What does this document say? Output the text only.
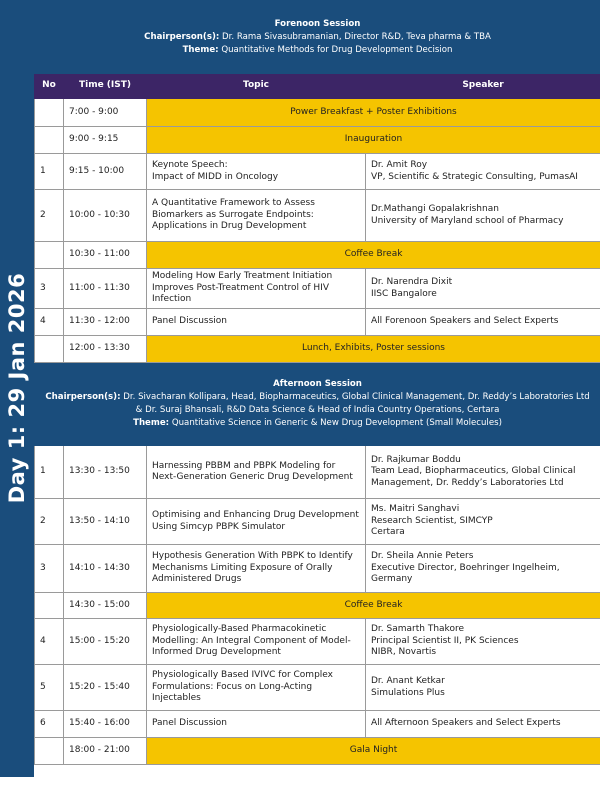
Day 1: 29 Jan 2026
Forenoon Session
Chairperson(s): Dr. Rama Sivasubramanian, Director R&D, Teva pharma & TBA
Theme: Quantitative Methods for Drug Development Decision			

No	Time (IST)	Topic	Speaker
	7:00 - 9:00	Power Breakfast + Poster Exhibitions	
	9:00 - 9:15	Inauguration	
1	9:15 - 10:00	Keynote Speech:
Impact of MIDD in Oncology	Dr. Amit Roy
VP, Scientific & Strategic Consulting, PumasAI
2	10:00 - 10:30	A Quantitative Framework to Assess
Biomarkers as Surrogate Endpoints:
Applications in Drug Development	Dr.Mathangi Gopalakrishnan
University of Maryland school of Pharmacy
	10:30 - 11:00	Coffee Break	
3	11:00 - 11:30	Modeling How Early Treatment Initiation
Improves Post-Treatment Control of HIV
Infection	Dr. Narendra Dixit
IISC Bangalore
4	11:30 - 12:00	Panel Discussion	All Forenoon Speakers and Select Experts
	12:00 - 13:30	Lunch, Exhibits, Poster sessions	

Afternoon Session
Chairperson(s): Dr. Sivacharan Kollipara, Head, Biopharmaceutics, Global Clinical Management, Dr. Reddy’s Laboratories Ltd & Dr. Suraj Bhansali, R&D Data Science & Head of India Country Operations, Certara
Theme: Quantitative Science in Generic & New Drug Development (Small Molecules)			

1	13:30 - 13:50	Harnessing PBBM and PBPK Modeling for
Next-Generation Generic Drug Development	Dr. Rajkumar Boddu
Team Lead, Biopharmaceutics, Global Clinical
Management, Dr. Reddy’s Laboratories Ltd
2	13:50 - 14:10	Optimising and Enhancing Drug Development
Using Simcyp PBPK Simulator	Ms. Maitri Sanghavi
Research Scientist, SIMCYP
Certara
3	14:10 - 14:30	Hypothesis Generation With PBPK to Identify
Mechanisms Limiting Exposure of Orally
Administered Drugs	Dr. Sheila Annie Peters
Executive Director, Boehringer Ingelheim,
Germany
	14:30 - 15:00	Coffee Break	
4	15:00 - 15:20	Physiologically-Based Pharmacokinetic
Modelling: An Integral Component of Model-
Informed Drug Development	Dr. Samarth Thakore
Principal Scientist II, PK Sciences
NIBR, Novartis
5	15:20 - 15:40	Physiologically Based IVIVC for Complex
Formulations: Focus on Long-Acting
Injectables	Dr. Anant Ketkar
Simulations Plus
6	15:40 - 16:00	Panel Discussion	All Afternoon Speakers and Select Experts
	18:00 - 21:00	Gala Night	
